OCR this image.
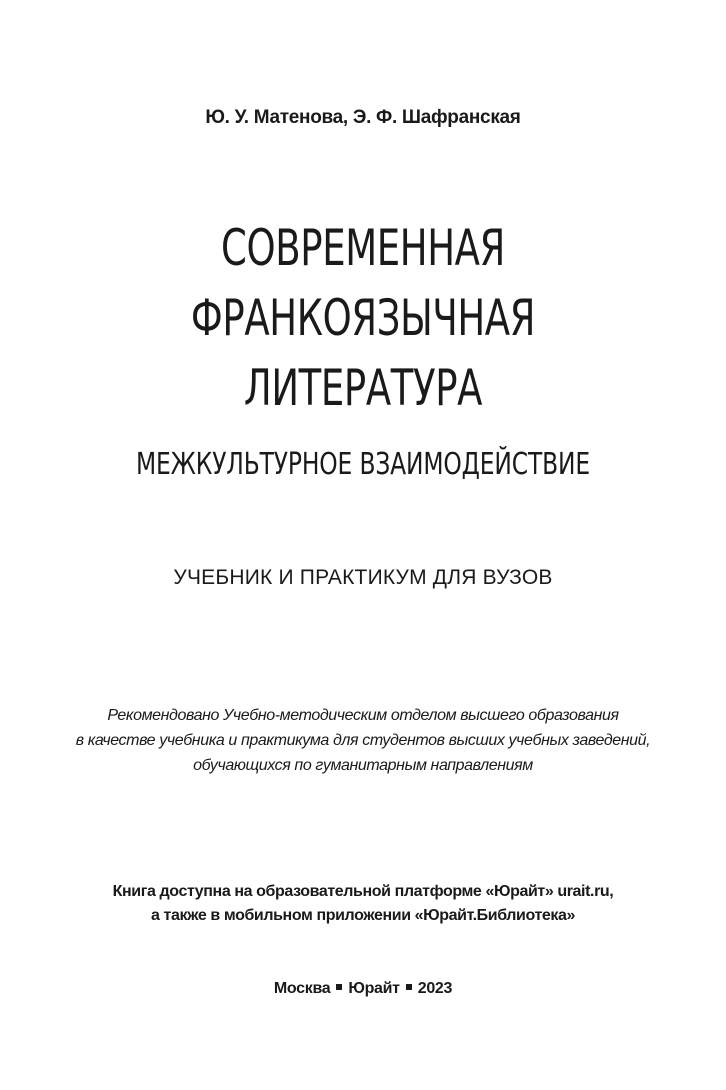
Ю. У. Матенова, Э. Ф. Шафранская
СОВРЕМЕННАЯ
ФРАНКОЯЗЫЧНАЯ
ЛИТЕРАТУРА
МЕЖКУЛЬТУРНОЕ ВЗАИМОДЕЙСТВИЕ
УЧЕБНИК И ПРАКТИКУМ ДЛЯ ВУЗОВ
Рекомендовано Учебно-методическим отделом высшего образования
в качестве учебника и практикума для студентов высших учебных заведений,
обучающихся по гуманитарным направлениям
Книга доступна на образовательной платформе «Юрайт» urait.ru,
а также в мобильном приложении «Юрайт.Библиотека»
Москва Юрайт 2023
